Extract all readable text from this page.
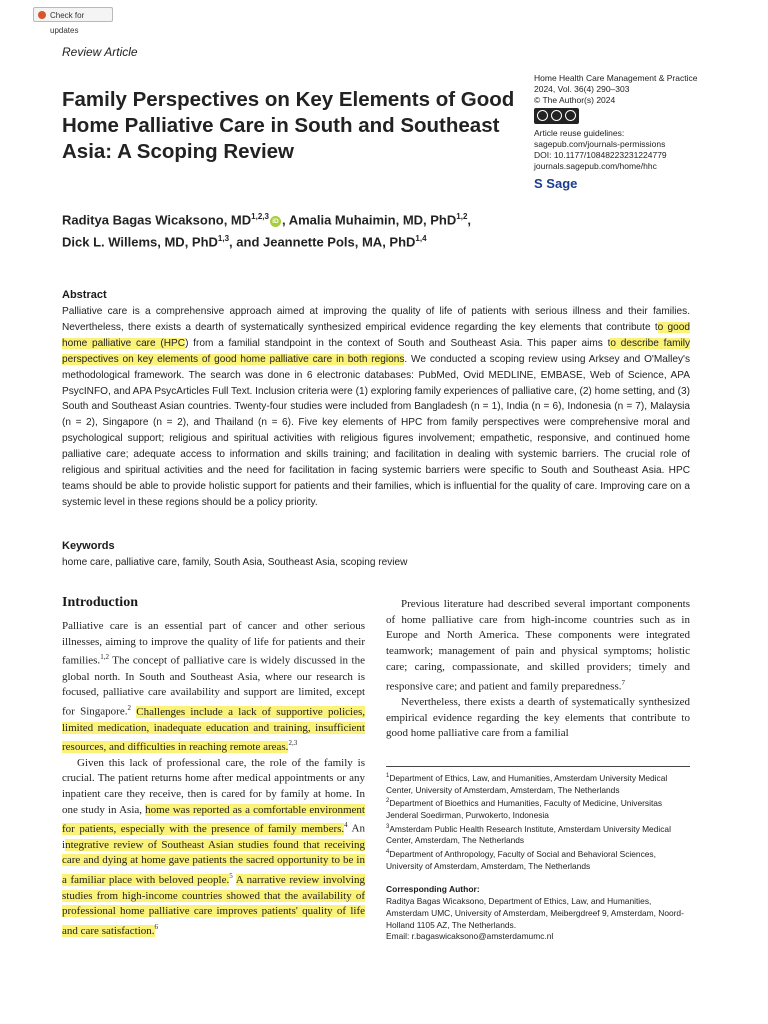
Check for updates
Review Article
Family Perspectives on Key Elements of Good Home Palliative Care in South and Southeast Asia: A Scoping Review
Home Health Care Management & Practice
2024, Vol. 36(4) 290–303
© The Author(s) 2024
Article reuse guidelines:
sagepub.com/journals-permissions
DOI: 10.1177/10848223231224779
journals.sagepub.com/home/hhc
S Sage
Raditya Bagas Wicaksono, MD$^{1,2,3}$iD , Amalia Muhaimin, MD, PhD$^{1,2}$,
Dick L. Willems, MD, PhD$^{1,3}$, and Jeannette Pols, MA, PhD$^{1,4}$
Abstract
Palliative care is a comprehensive approach aimed at improving the quality of life of patients with serious illness and their families. Nevertheless, there exists a dearth of systematically synthesized empirical evidence regarding the key elements that contribute to good home palliative care (HPC) from a familial standpoint in the context of South and Southeast Asia. This paper aims to describe family perspectives on key elements of good home palliative care in both regions. We conducted a scoping review using Arksey and O'Malley's methodological framework. The search was done in 6 electronic databases: PubMed, Ovid MEDLINE, EMBASE, Web of Science, APA PsycINFO, and APA PsycArticles Full Text. Inclusion criteria were (1) exploring family experiences of palliative care, (2) home setting, and (3) South and Southeast Asian countries. Twenty-four studies were included from Bangladesh (n = 1), India (n = 6), Indonesia (n = 7), Malaysia (n = 2), Singapore (n = 2), and Thailand (n = 6). Five key elements of HPC from family perspectives were comprehensive moral and psychological support; religious and spiritual activities with religious figures involvement; empathetic, responsive, and continued home palliative care; adequate access to information and skills training; and facilitation in dealing with systemic barriers. The crucial role of religious and spiritual activities and the need for facilitation in facing systemic barriers were specific to South and Southeast Asia. HPC teams should be able to provide holistic support for patients and their families, which is influential for the quality of care. Improving care on a systemic level in these regions should be a policy priority.
Keywords
home care, palliative care, family, South Asia, Southeast Asia, scoping review
Introduction

Palliative care is an essential part of cancer and other serious illnesses, aiming to improve the quality of life for patients and their families.$^{1,2}$ The concept of palliative care is widely discussed in the global north. In South and Southeast Asia, where our research is focused, palliative care availability and support are limited, except for Singapore.$^2$ Challenges include a lack of supportive policies, limited medication, inadequate education and training, insufficient resources, and difficulties in reaching remote areas.$^{2,3}$

Given this lack of professional care, the role of the family is crucial. The patient returns home after medical appointments or any inpatient care they receive, then is cared for by family at home. In one study in Asia, home was reported as a comfortable environment for patients, especially with the presence of family members.$^4$ An integrative review of Southeast Asian studies found that receiving care and dying at home gave patients the sacred opportunity to be in a familiar place with beloved people.$^5$ A narrative review involving studies from high-income countries showed that the availability of professional home palliative care improves patients' quality of life and care satisfaction.$^6$

Previous literature had described several important components of home palliative care from high-income countries such as in Europe and North America. These components were integrated teamwork; management of pain and physical symptoms; holistic care; caring, compassionate, and skilled providers; timely and responsive care; and patient and family preparedness.$^7$

Nevertheless, there exists a dearth of systematically synthesized empirical evidence regarding the key elements that contribute to good home palliative care from a familial

$^1$Department of Ethics, Law, and Humanities, Amsterdam University Medical Center, University of Amsterdam, Amsterdam, The Netherlands

$^2$Department of Bioethics and Humanities, Faculty of Medicine, Universitas Jenderal Soedirman, Purwokerto, Indonesia

$^3$Amsterdam Public Health Research Institute, Amsterdam University Medical Center, Amsterdam, The Netherlands

$^4$Department of Anthropology, Faculty of Social and Behavioral Sciences, University of Amsterdam, Amsterdam, The Netherlands

Corresponding Author:
Raditya Bagas Wicaksono, Department of Ethics, Law, and Humanities, Amsterdam UMC, University of Amsterdam, Meibergdreef 9, Amsterdam, Noord-Holland 1105 AZ, The Netherlands.
Email: r.bagaswicaksono@amsterdamumc.nl
